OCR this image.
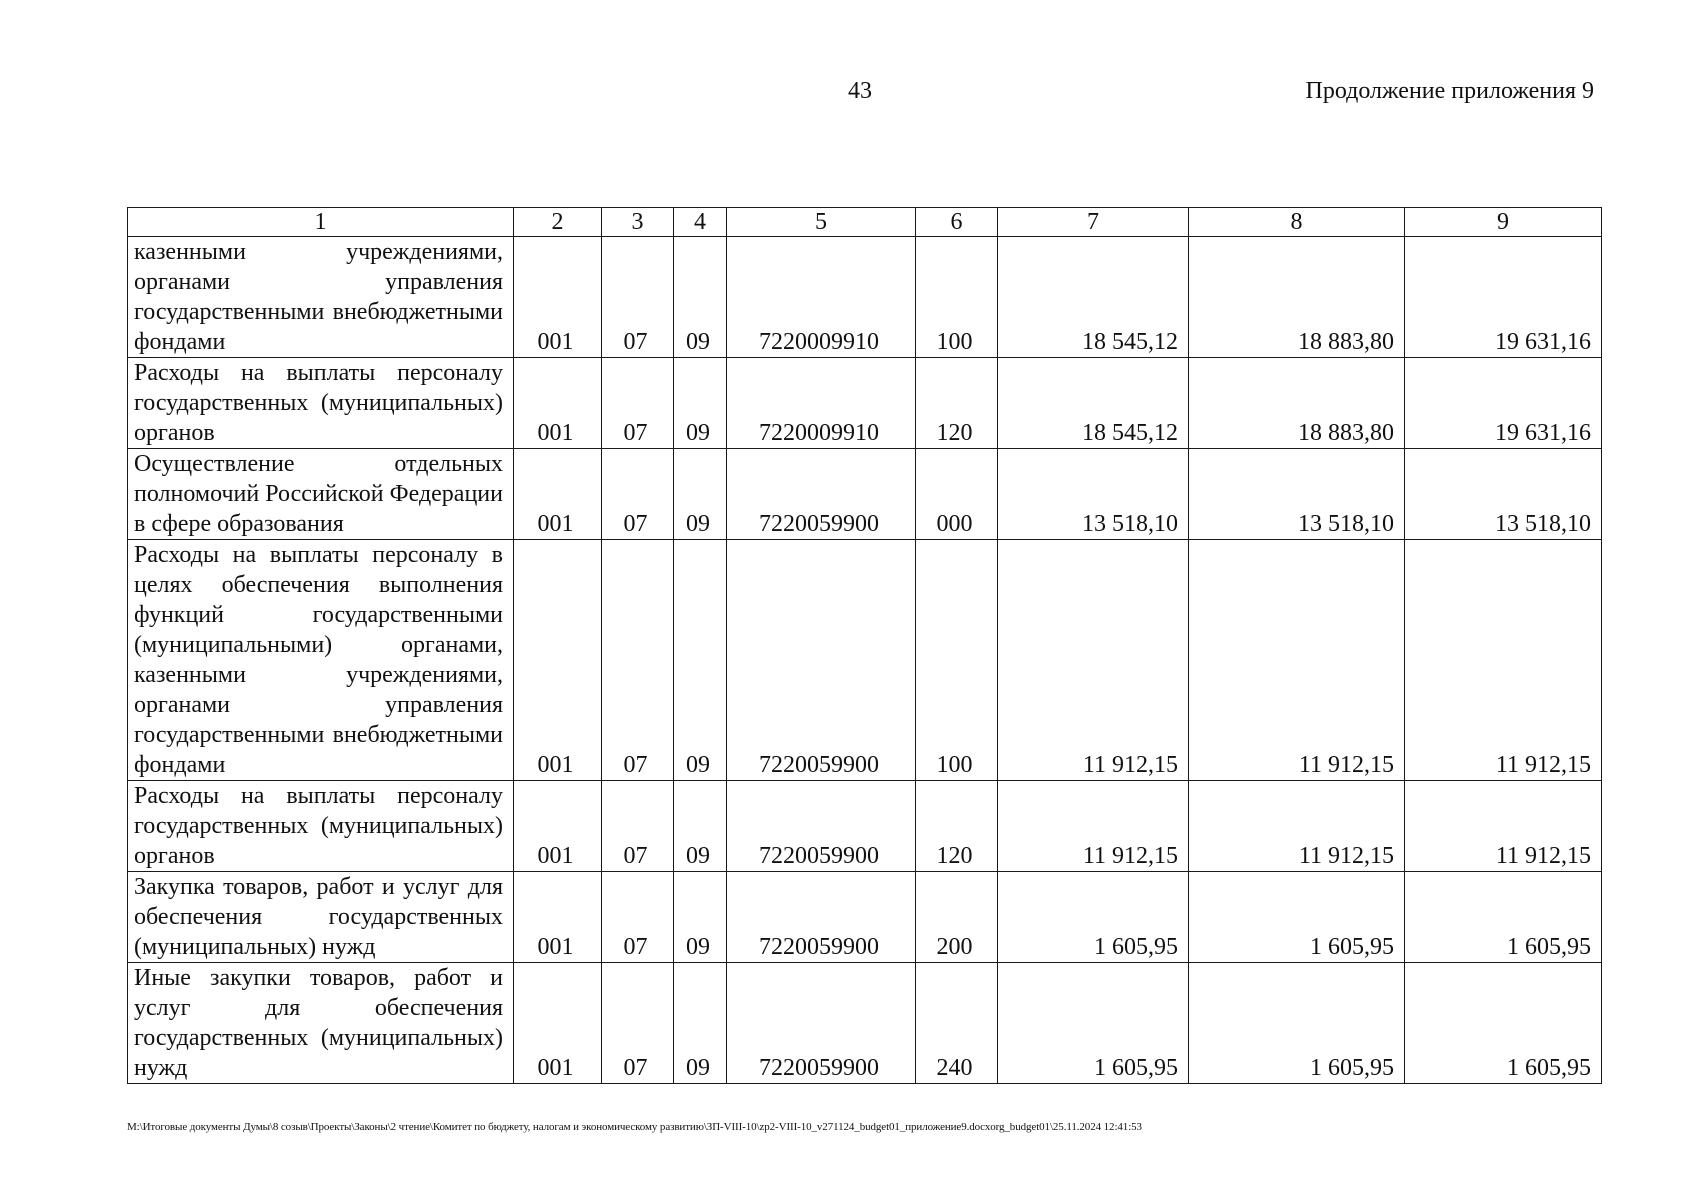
43	Продолжение приложения 9
1	2	3	4	5	6	7	8	9
казенными учреждениями, органами управления государственными внебюджетными фондами	001	07	09	7220009910	100	18 545,12	18 883,80	19 631,16
Расходы на выплаты персоналу государственных (муниципальных) органов	001	07	09	7220009910	120	18 545,12	18 883,80	19 631,16
Осуществление отдельных полномочий Российской Федерации в сфере образования	001	07	09	7220059900	000	13 518,10	13 518,10	13 518,10
Расходы на выплаты персоналу в целях обеспечения выполнения функций государственными (муниципальными) органами, казенными учреждениями, органами управления государственными внебюджетными фондами	001	07	09	7220059900	100	11 912,15	11 912,15	11 912,15
Расходы на выплаты персоналу государственных (муниципальных) органов	001	07	09	7220059900	120	11 912,15	11 912,15	11 912,15
Закупка товаров, работ и услуг для обеспечения государственных (муниципальных) нужд	001	07	09	7220059900	200	1 605,95	1 605,95	1 605,95
Иные закупки товаров, работ и услуг для обеспечения государственных (муниципальных) нужд	001	07	09	7220059900	240	1 605,95	1 605,95	1 605,95
M:\Итоговые документы Думы\8 созыв\Проекты\Законы\2 чтение\Комитет по бюджету, налогам и экономическому развитию\ЗП-VIII-10\zp2-VIII-10_v271124_budget01_приложение9.docxorg_budget01\25.11.2024 12:41:53
